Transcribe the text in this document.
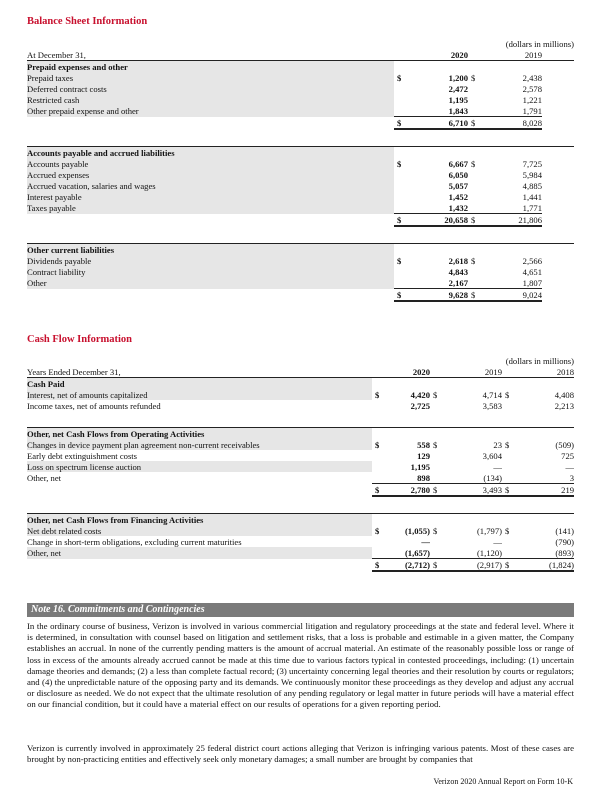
Balance Sheet Information
	(dollars in millions)				
At December 31,		2020		2019	
Prepaid expenses and other					
Prepaid taxes	$	1,200	$	2,438	
Deferred contract costs		2,472		2,578	
Restricted cash		1,195		1,221	
Other prepaid expense and other		1,843		1,791	
	$	6,710	$	8,028	

Accounts payable and accrued liabilities					
Accounts payable	$	6,667	$	7,725	
Accrued expenses		6,050		5,984	
Accrued vacation, salaries and wages		5,057		4,885	
Interest payable		1,452		1,441	
Taxes payable		1,432		1,771	
	$	20,658	$	21,806	

Other current liabilities					
Dividends payable	$	2,618	$	2,566	
Contract liability		4,843		4,651	
Other		2,167		1,807	
	$	9,628	$	9,024	
Cash Flow Information
	(dollars in millions)					
Years Ended December 31,		2020		2019		2018
Cash Paid						
Interest, net of amounts capitalized	$	4,420	$	4,714	$	4,408
Income taxes, net of amounts refunded		2,725		3,583		2,213

Other, net Cash Flows from Operating Activities						
Changes in device payment plan agreement non-current receivables	$	558	$	23	$	(509)
Early debt extinguishment costs		129		3,604		725
Loss on spectrum license auction		1,195		—		—
Other, net		898		(134)		3
	$	2,780	$	3,493	$	219

Other, net Cash Flows from Financing Activities						
Net debt related costs	$	(1,055)	$	(1,797)	$	(141)
Change in short-term obligations, excluding current maturities		—		—		(790)
Other, net		(1,657)		(1,120)		(893)
	$	(2,712)	$	(2,917)	$	(1,824)
Note 16. Commitments and Contingencies

In the ordinary course of business, Verizon is involved in various commercial litigation and regulatory proceedings at the state and federal level. Where it is determined, in consultation with counsel based on litigation and settlement risks, that a loss is probable and estimable in a given matter, the Company establishes an accrual. In none of the currently pending matters is the amount of accrual material. An estimate of the reasonably possible loss or range of loss in excess of the amounts already accrued cannot be made at this time due to various factors typical in contested proceedings, including: (1) uncertain damage theories and demands; (2) a less than complete factual record; (3) uncertainty concerning legal theories and their resolution by courts or regulators; and (4) the unpredictable nature of the opposing party and its demands. We continuously monitor these proceedings as they develop and adjust any accrual or disclosure as needed. We do not expect that the ultimate resolution of any pending regulatory or legal matter in future periods will have a material effect on our financial condition, but it could have a material effect on our results of operations for a given reporting period.

Verizon is currently involved in approximately 25 federal district court actions alleging that Verizon is infringing various patents. Most of these cases are brought by non-practicing entities and effectively seek only monetary damages; a small number are brought by companies that

Verizon 2020 Annual Report on Form 10-K
